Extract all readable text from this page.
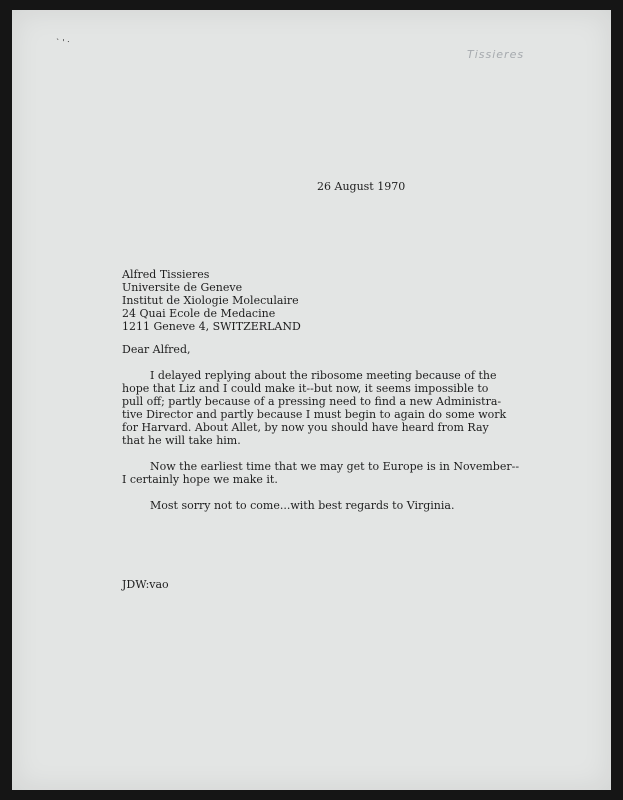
ˋ ' ˑ
Tissieres
26 August 1970
Alfred Tissieres
Universite de Geneve
Institut de Xiologie Moleculaire
24 Quai Ecole de Medacine
1211 Geneve 4, SWITZERLAND
Dear Alfred,

I delayed replying about the ribosome meeting because of the
hope that Liz and I could make it--but now, it seems impossible to
pull off; partly because of a pressing need to find a new Administra-
tive Director and partly because I must begin to again do some work
for Harvard. About Allet, by now you should have heard from Ray
that he will take him.

Now the earliest time that we may get to Europe is in November--
I certainly hope we make it.

Most sorry not to come...with best regards to Virginia.

JDW:vao
